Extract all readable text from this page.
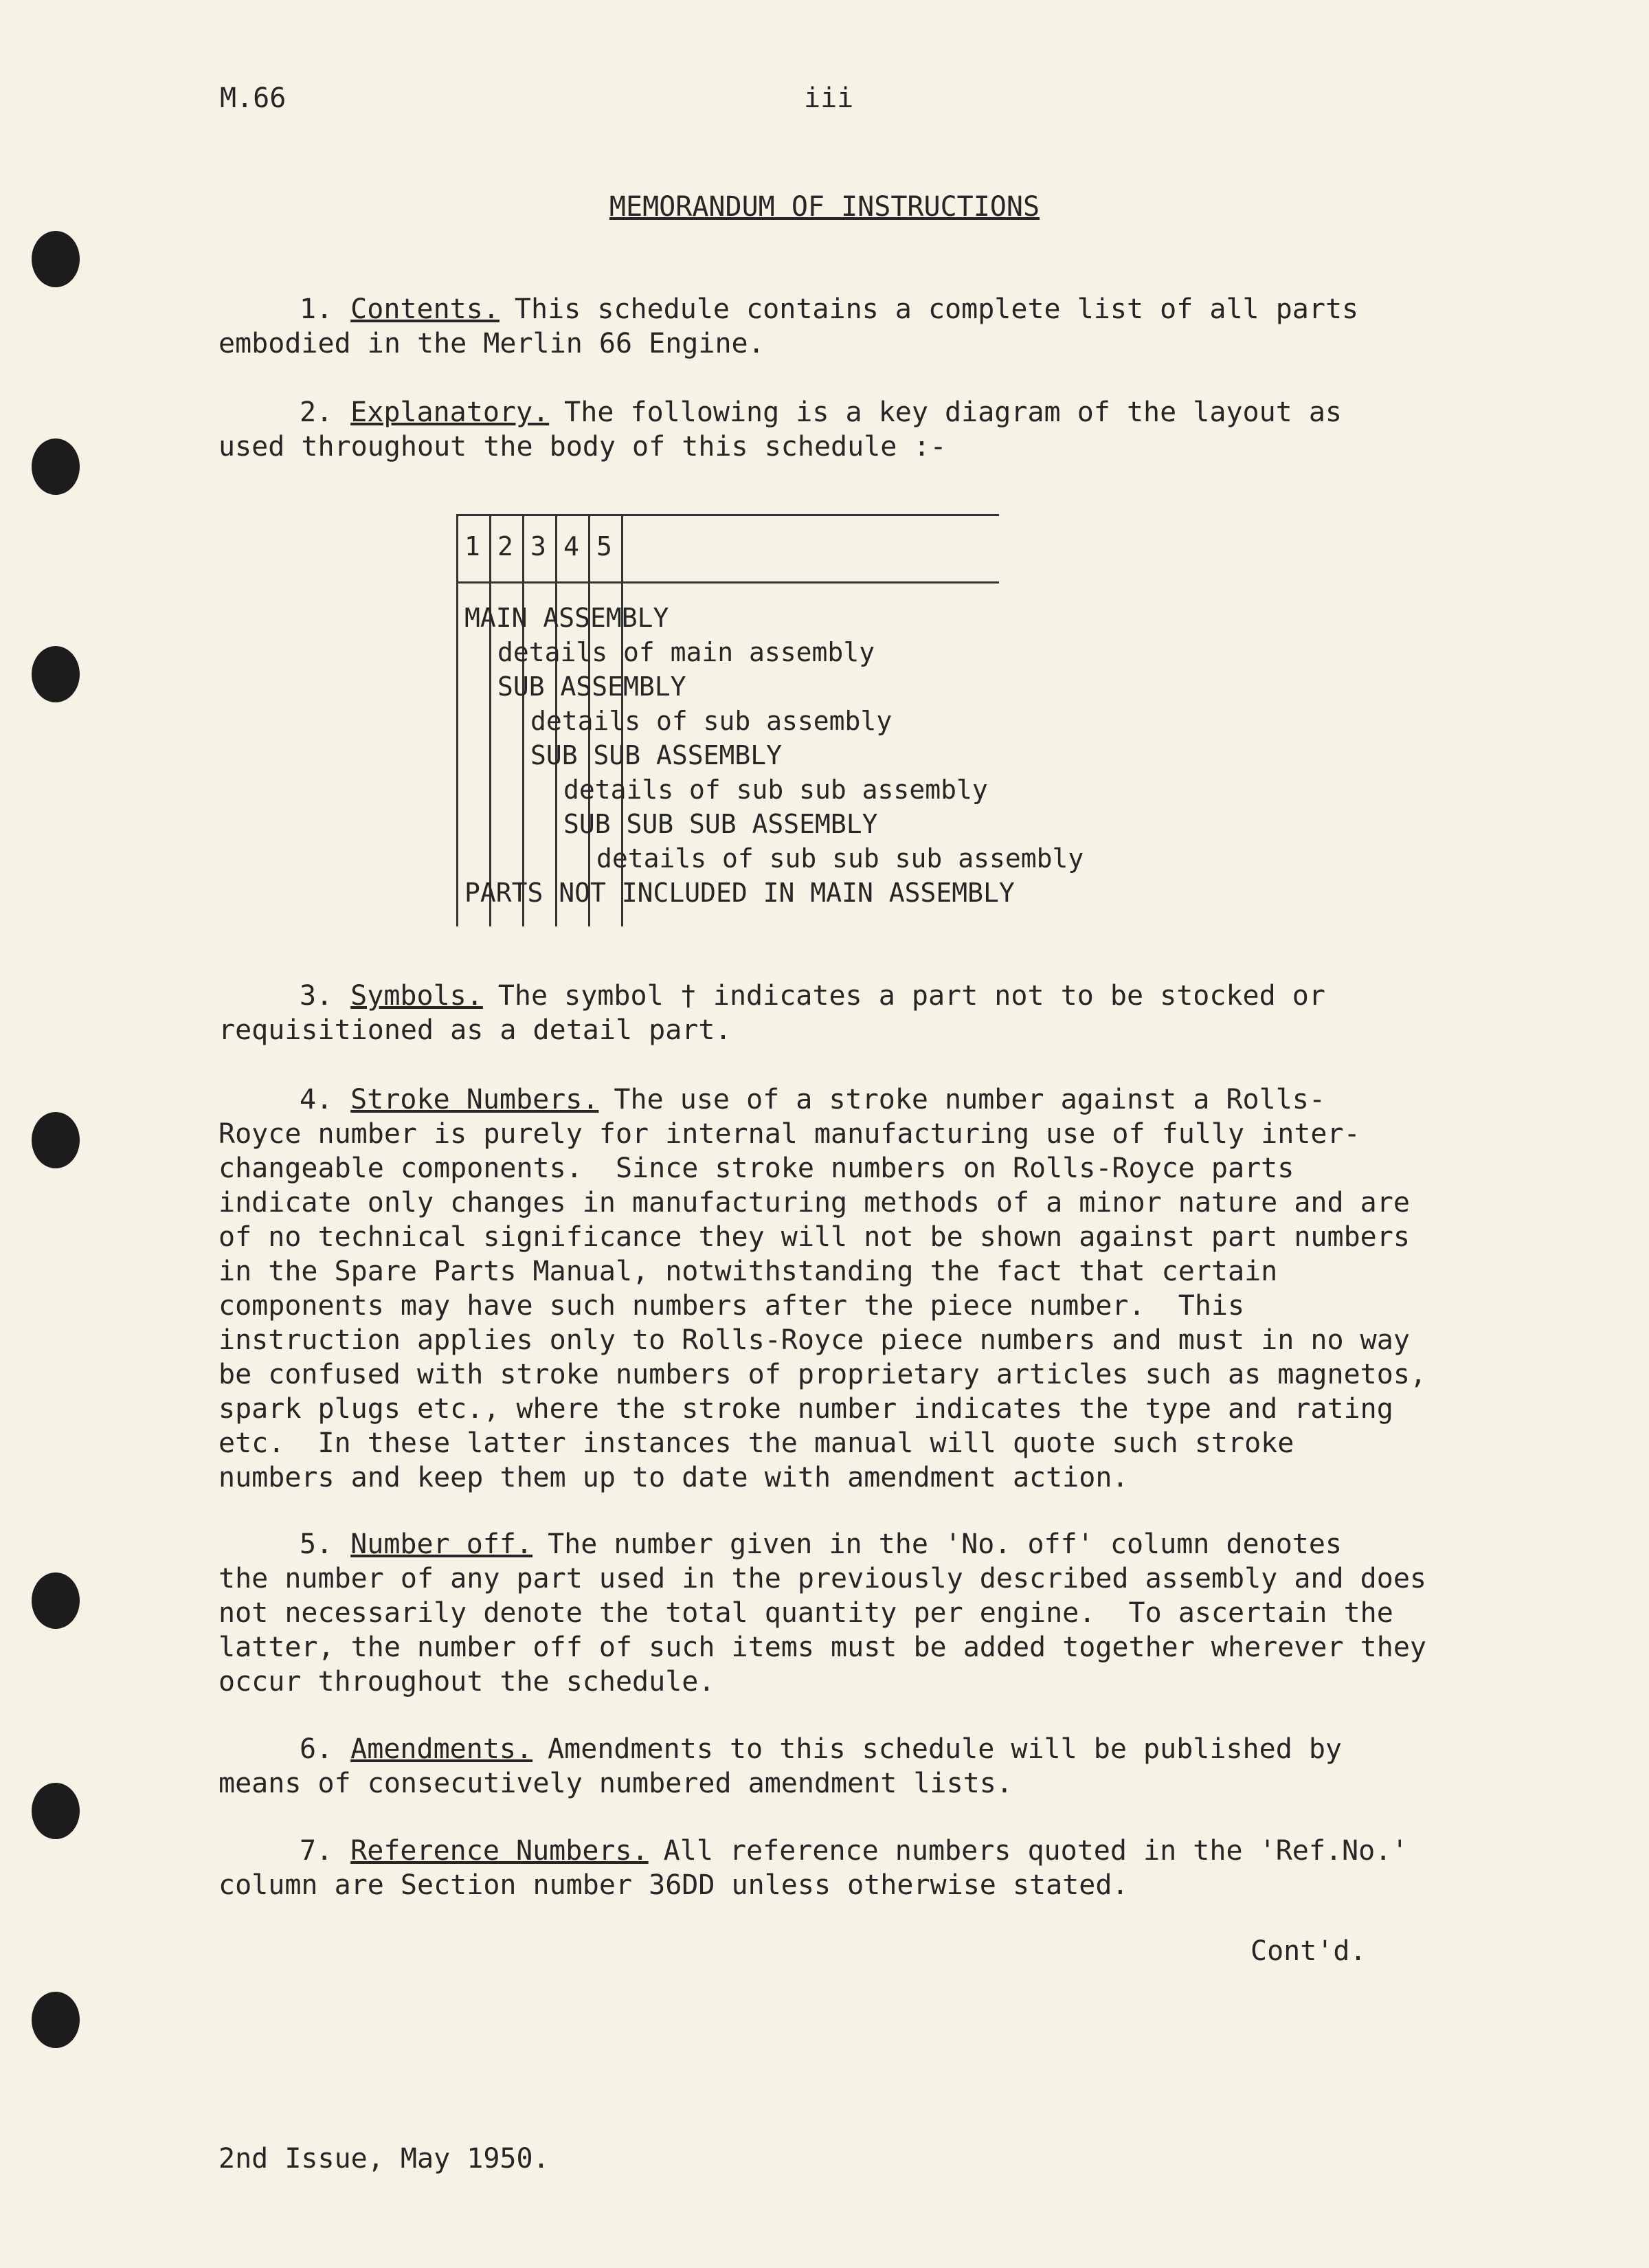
M.66	iii
MEMORANDUM OF INSTRUCTIONS

1. Contents. This schedule contains a complete list of all parts
embodied in the Merlin 66 Engine.

2. Explanatory. The following is a key diagram of the layout as
used throughout the body of this schedule :-

1 2 3 4 5
MAIN ASSEMBLY
details of main assembly
SUB ASSEMBLY
details of sub assembly
SUB SUB ASSEMBLY
details of sub sub assembly
SUB SUB SUB ASSEMBLY
details of sub sub sub assembly
PARTS NOT INCLUDED IN MAIN ASSEMBLY

3. Symbols. The symbol † indicates a part not to be stocked or
requisitioned as a detail part.

4. Stroke Numbers. The use of a stroke number against a Rolls-
Royce number is purely for internal manufacturing use of fully inter-
changeable components.  Since stroke numbers on Rolls-Royce parts
indicate only changes in manufacturing methods of a minor nature and are
of no technical significance they will not be shown against part numbers
in the Spare Parts Manual, notwithstanding the fact that certain
components may have such numbers after the piece number.  This
instruction applies only to Rolls-Royce piece numbers and must in no way
be confused with stroke numbers of proprietary articles such as magnetos,
spark plugs etc., where the stroke number indicates the type and rating
etc.  In these latter instances the manual will quote such stroke
numbers and keep them up to date with amendment action.

5. Number off. The number given in the 'No. off' column denotes
the number of any part used in the previously described assembly and does
not necessarily denote the total quantity per engine.  To ascertain the
latter, the number off of such items must be added together wherever they
occur throughout the schedule.

6. Amendments. Amendments to this schedule will be published by
means of consecutively numbered amendment lists.

7. Reference Numbers. All reference numbers quoted in the 'Ref.No.'
column are Section number 36DD unless otherwise stated.

Cont'd.
2nd Issue, May 1950.
